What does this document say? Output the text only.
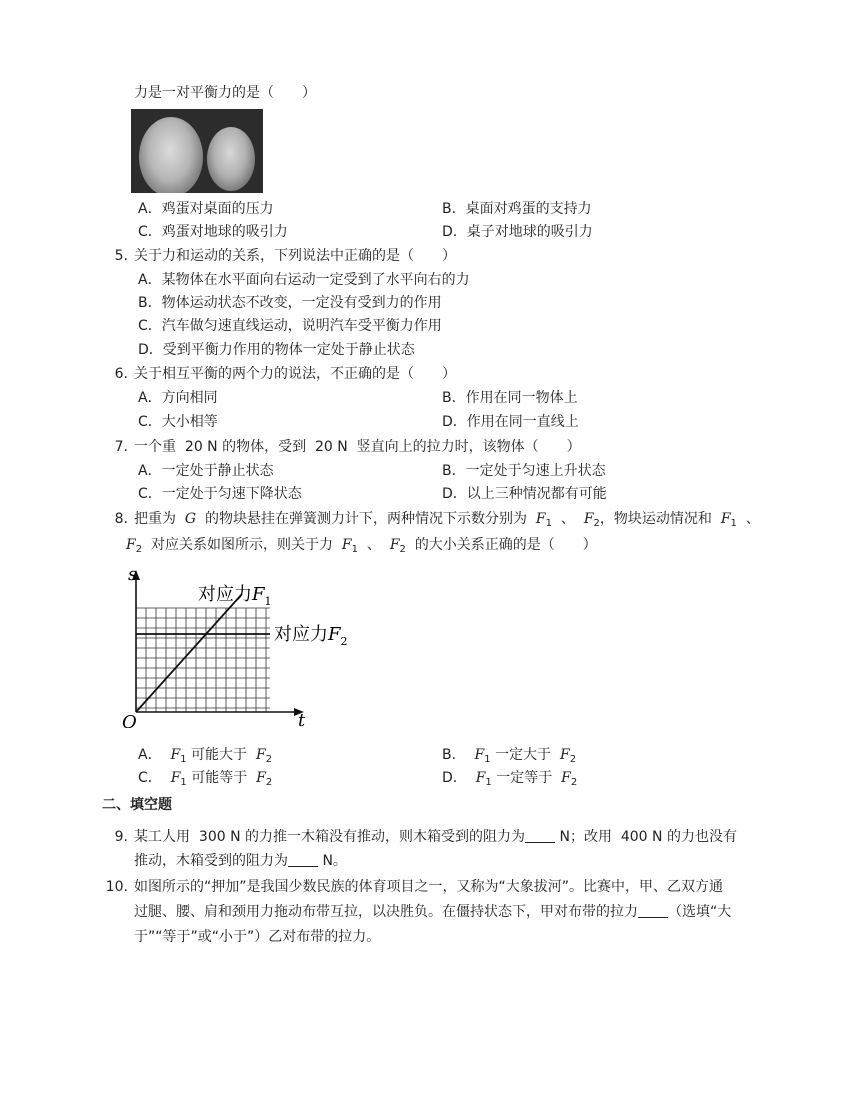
力是一对平衡力的是（　　）
A．鸡蛋对桌面的压力	B．桌面对鸡蛋的支持力
C．鸡蛋对地球的吸引力	D．桌子对地球的吸引力
5. 关于力和运动的关系，下列说法中正确的是（　　）
A．某物体在水平面向右运动一定受到了水平向右的力
B．物体运动状态不改变，一定没有受到力的作用
C．汽车做匀速直线运动，说明汽车受平衡力作用
D．受到平衡力作用的物体一定处于静止状态
6. 关于相互平衡的两个力的说法，不正确的是（　　）
A．方向相同	B．作用在同一物体上
C．大小相等	D．作用在同一直线上
7. 一个重 20 N 的物体，受到 20 N 竖直向上的拉力时，该物体（　　）
A．一定处于静止状态	B．一定处于匀速上升状态
C．一定处于匀速下降状态	D．以上三种情况都有可能
8. 把重为 G 的物块悬挂在弹簧测力计下，两种情况下示数分别为 $F_1$ 、 $F_2$，物块运动情况和 $F_1$ 、
$F_2$ 对应关系如图所示，则关于力 $F_1$ 、 $F_2$ 的大小关系正确的是（　　）
s
t
O
对应力$F_1$
对应力$F_2$
A． $F_1$ 可能大于 $F_2$	B． $F_1$ 一定大于 $F_2$
C． $F_1$ 可能等于 $F_2$	D． $F_1$ 一定等于 $F_2$
二、填空题
9. 某工人用 300 N 的力推一木箱没有推动，则木箱受到的阻力为 N；改用 400 N 的力也没有
推动，木箱受到的阻力为 N。
10. 如图所示的“押加”是我国少数民族的体育项目之一，又称为“大象拔河”。比赛中，甲、乙双方通
过腿、腰、肩和颈用力拖动布带互拉，以决胜负。在僵持状态下，甲对布带的拉力 （选填“大
于”“等于”或“小于”）乙对布带的拉力。
